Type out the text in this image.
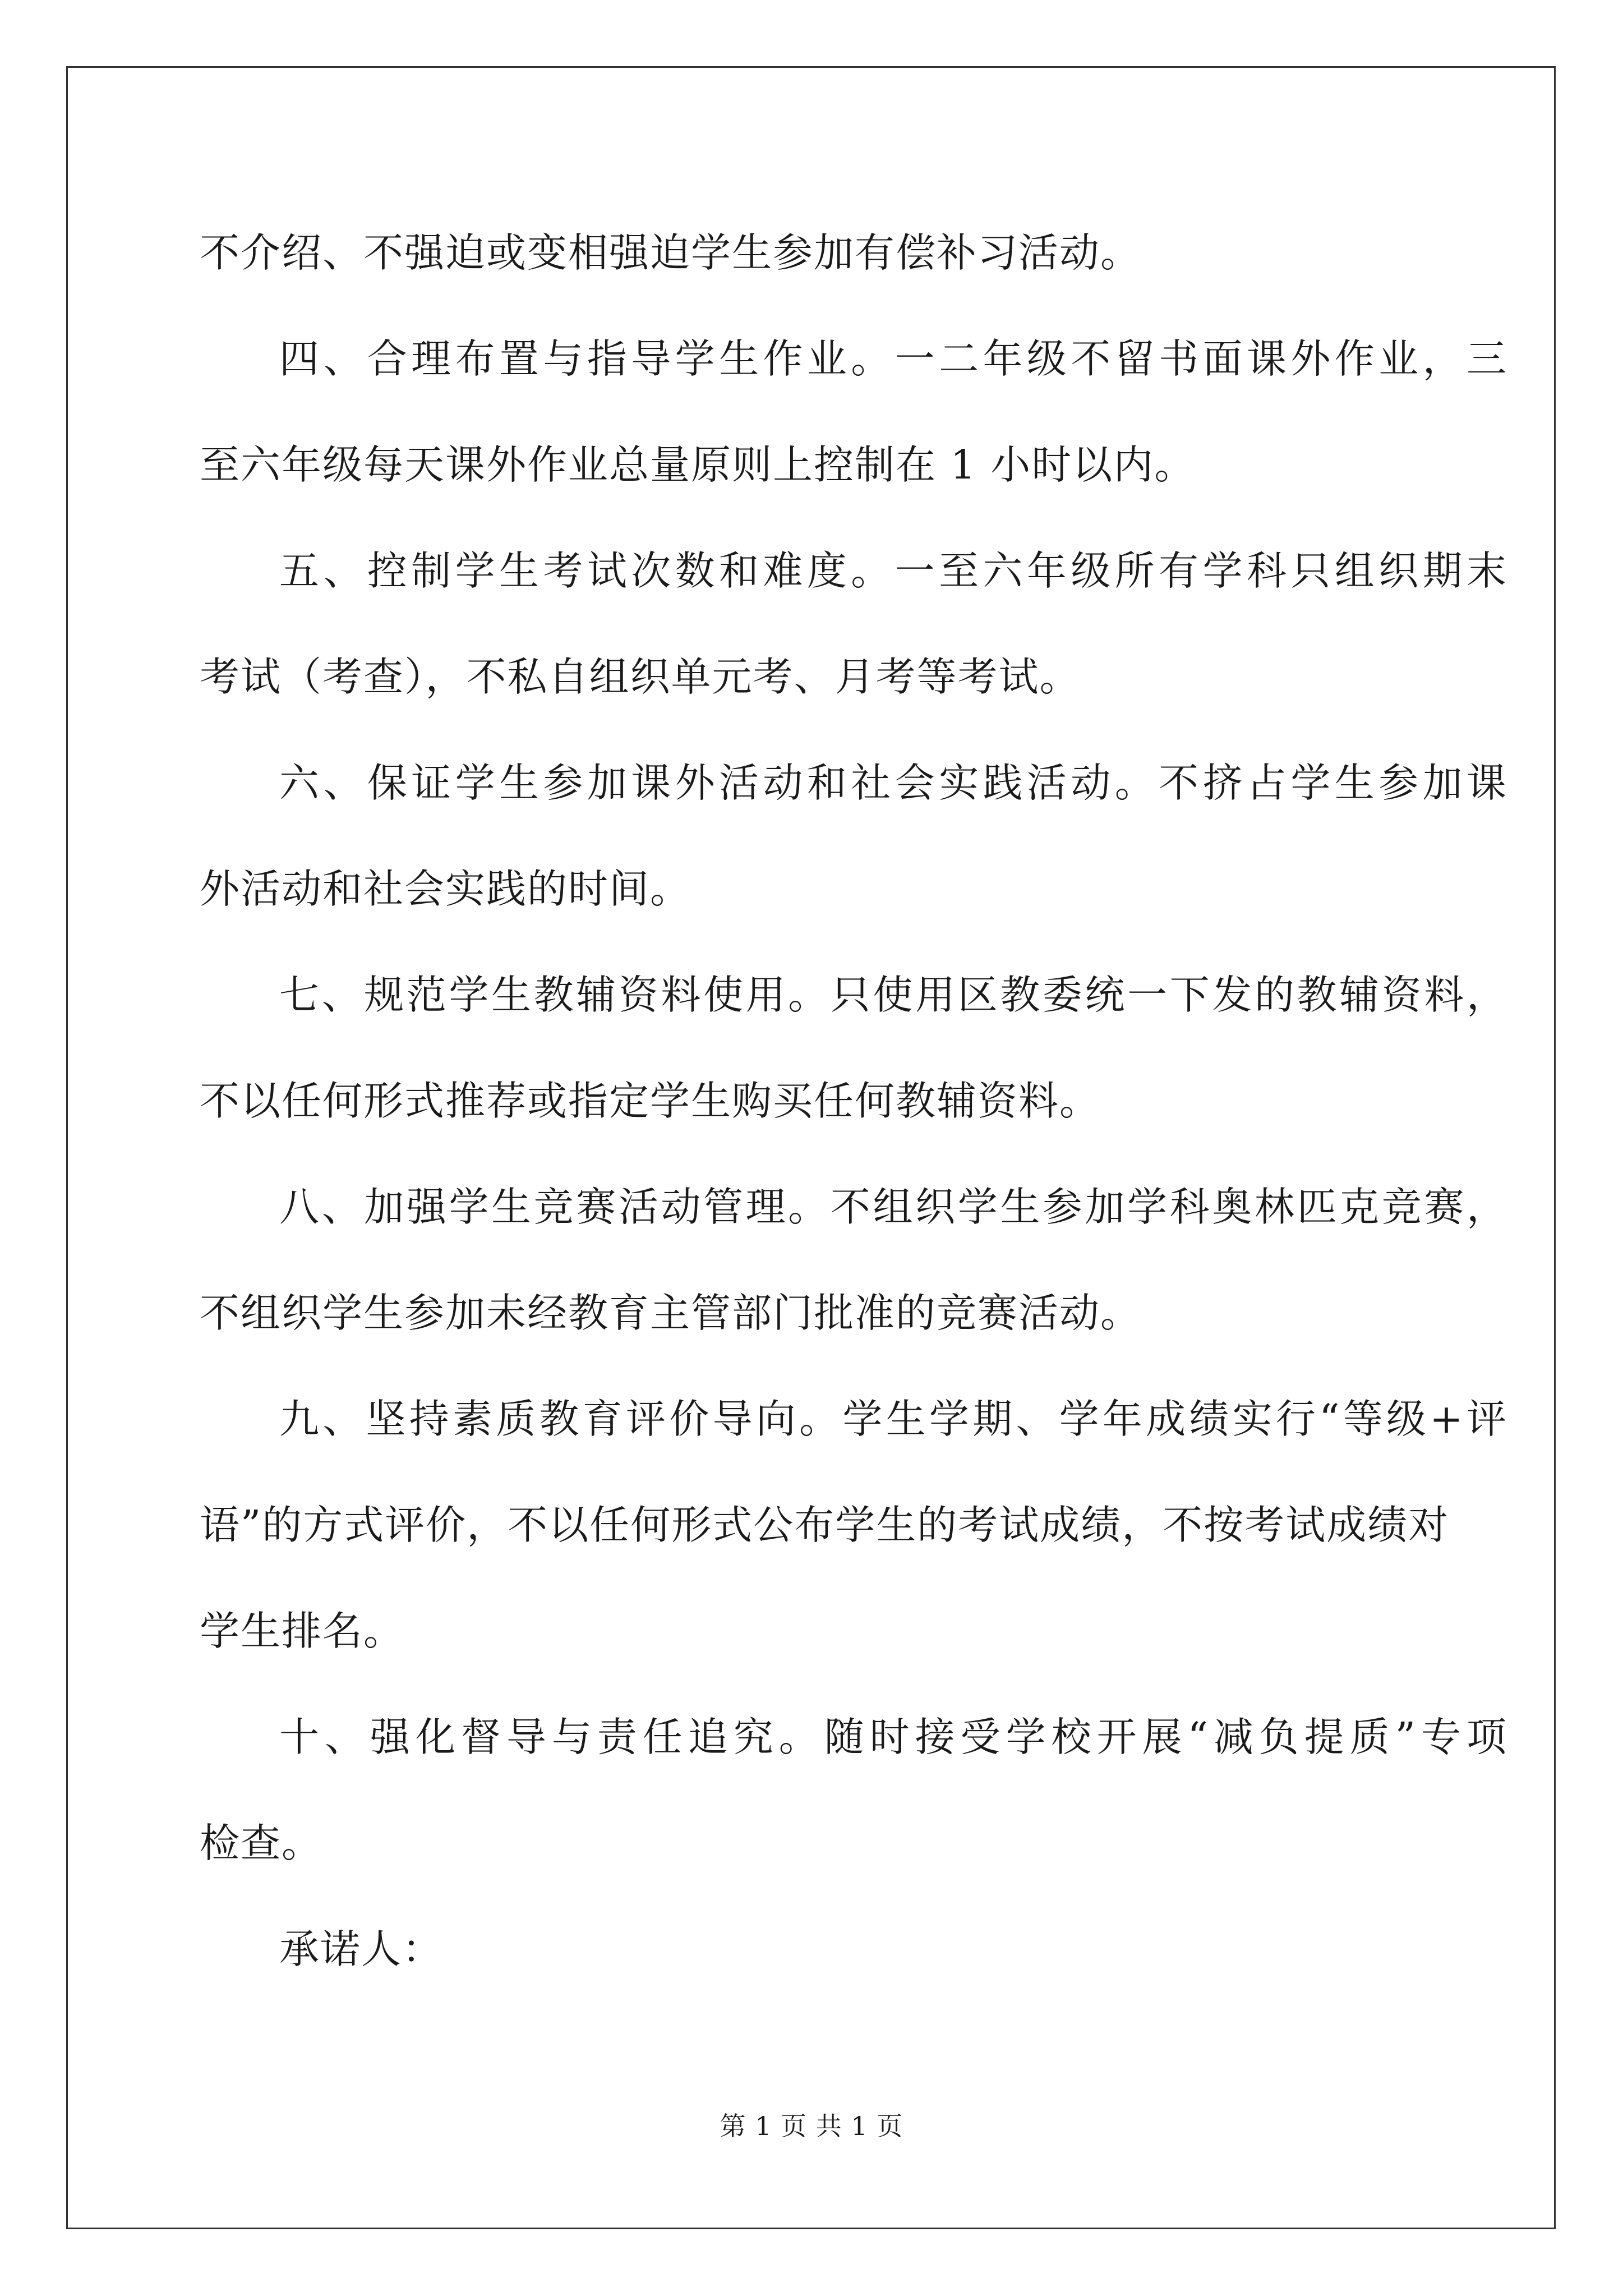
不介绍、不强迫或变相强迫学生参加有偿补习活动。
四、合理布置与指导学生作业。一二年级不留书面课外作业，三
至六年级每天课外作业总量原则上控制在 1 小时以内。
五、控制学生考试次数和难度。一至六年级所有学科只组织期末
考试（考查），不私自组织单元考、月考等考试。
六、保证学生参加课外活动和社会实践活动。不挤占学生参加课
外活动和社会实践的时间。
七、规范学生教辅资料使用。只使用区教委统一下发的教辅资料，
不以任何形式推荐或指定学生购买任何教辅资料。
八、加强学生竞赛活动管理。不组织学生参加学科奥林匹克竞赛，
不组织学生参加未经教育主管部门批准的竞赛活动。
九、坚持素质教育评价导向。学生学期、学年成绩实行“等级+评
语”的方式评价，不以任何形式公布学生的考试成绩，不按考试成绩对
学生排名。
十、强化督导与责任追究。随时接受学校开展“减负提质”专项
检查。
承诺人：
第 1 页 共 1 页
